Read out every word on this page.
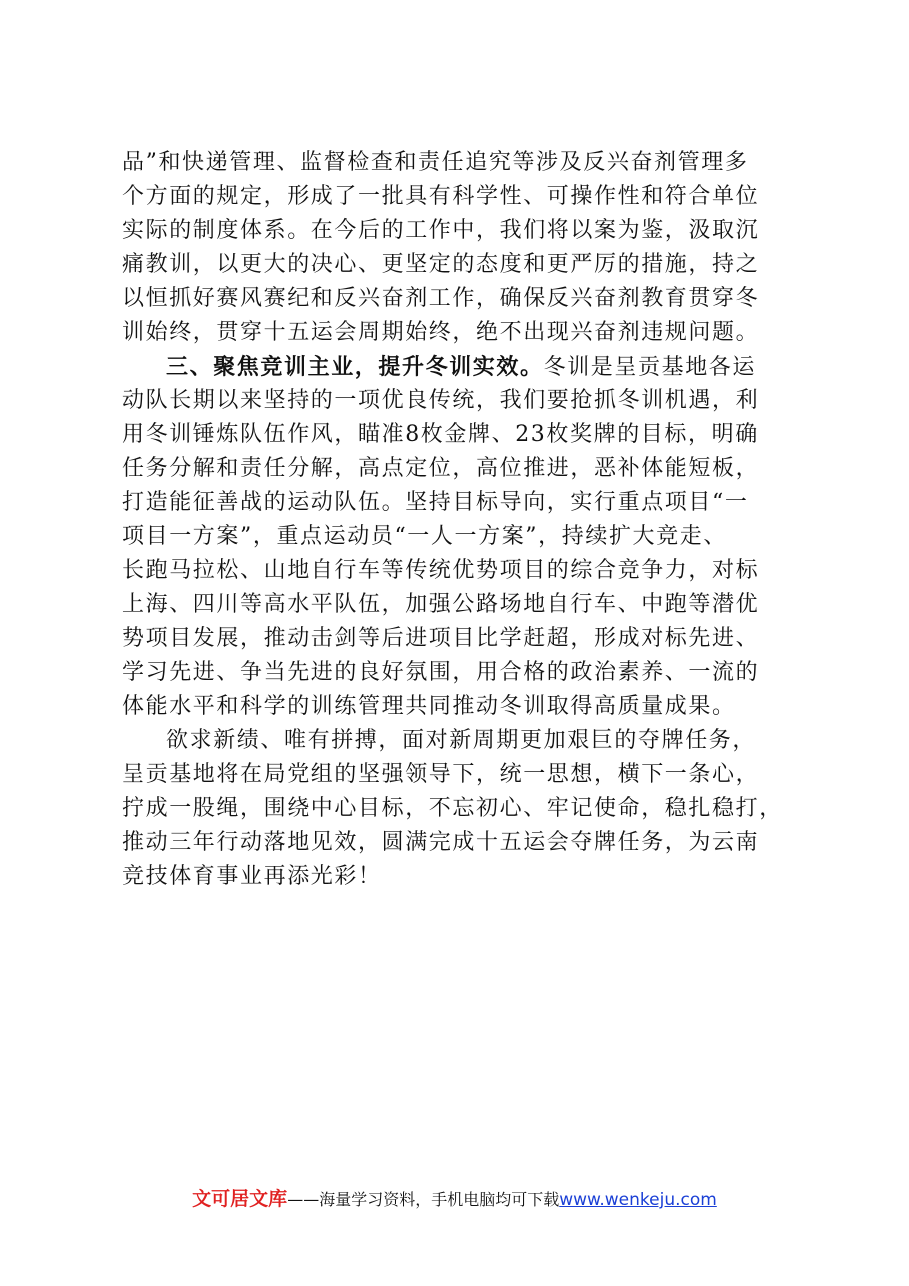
品”和快递管理、监督检查和责任追究等涉及反兴奋剂管理多
个方面的规定，形成了一批具有科学性、可操作性和符合单位
实际的制度体系。在今后的工作中，我们将以案为鉴，汲取沉
痛教训，以更大的决心、更坚定的态度和更严厉的措施，持之
以恒抓好赛风赛纪和反兴奋剂工作，确保反兴奋剂教育贯穿冬
训始终，贯穿十五运会周期始终，绝不出现兴奋剂违规问题。
三、聚焦竞训主业，提升冬训实效。冬训是呈贡基地各运
动队长期以来坚持的一项优良传统，我们要抢抓冬训机遇，利
用冬训锤炼队伍作风，瞄准8枚金牌、23枚奖牌的目标，明确
任务分解和责任分解，高点定位，高位推进，恶补体能短板，
打造能征善战的运动队伍。坚持目标导向，实行重点项目“一
项目一方案”，重点运动员“一人一方案”，持续扩大竞走、
长跑马拉松、山地自行车等传统优势项目的综合竞争力，对标
上海、四川等高水平队伍，加强公路场地自行车、中跑等潜优
势项目发展，推动击剑等后进项目比学赶超，形成对标先进、
学习先进、争当先进的良好氛围，用合格的政治素养、一流的
体能水平和科学的训练管理共同推动冬训取得高质量成果。
欲求新绩、唯有拼搏，面对新周期更加艰巨的夺牌任务，
呈贡基地将在局党组的坚强领导下，统一思想，横下一条心，
拧成一股绳，围绕中心目标，不忘初心、牢记使命，稳扎稳打，
推动三年行动落地见效，圆满完成十五运会夺牌任务，为云南
竞技体育事业再添光彩！
文可居文库——海量学习资料，手机电脑均可下载www.wenkeju.com
